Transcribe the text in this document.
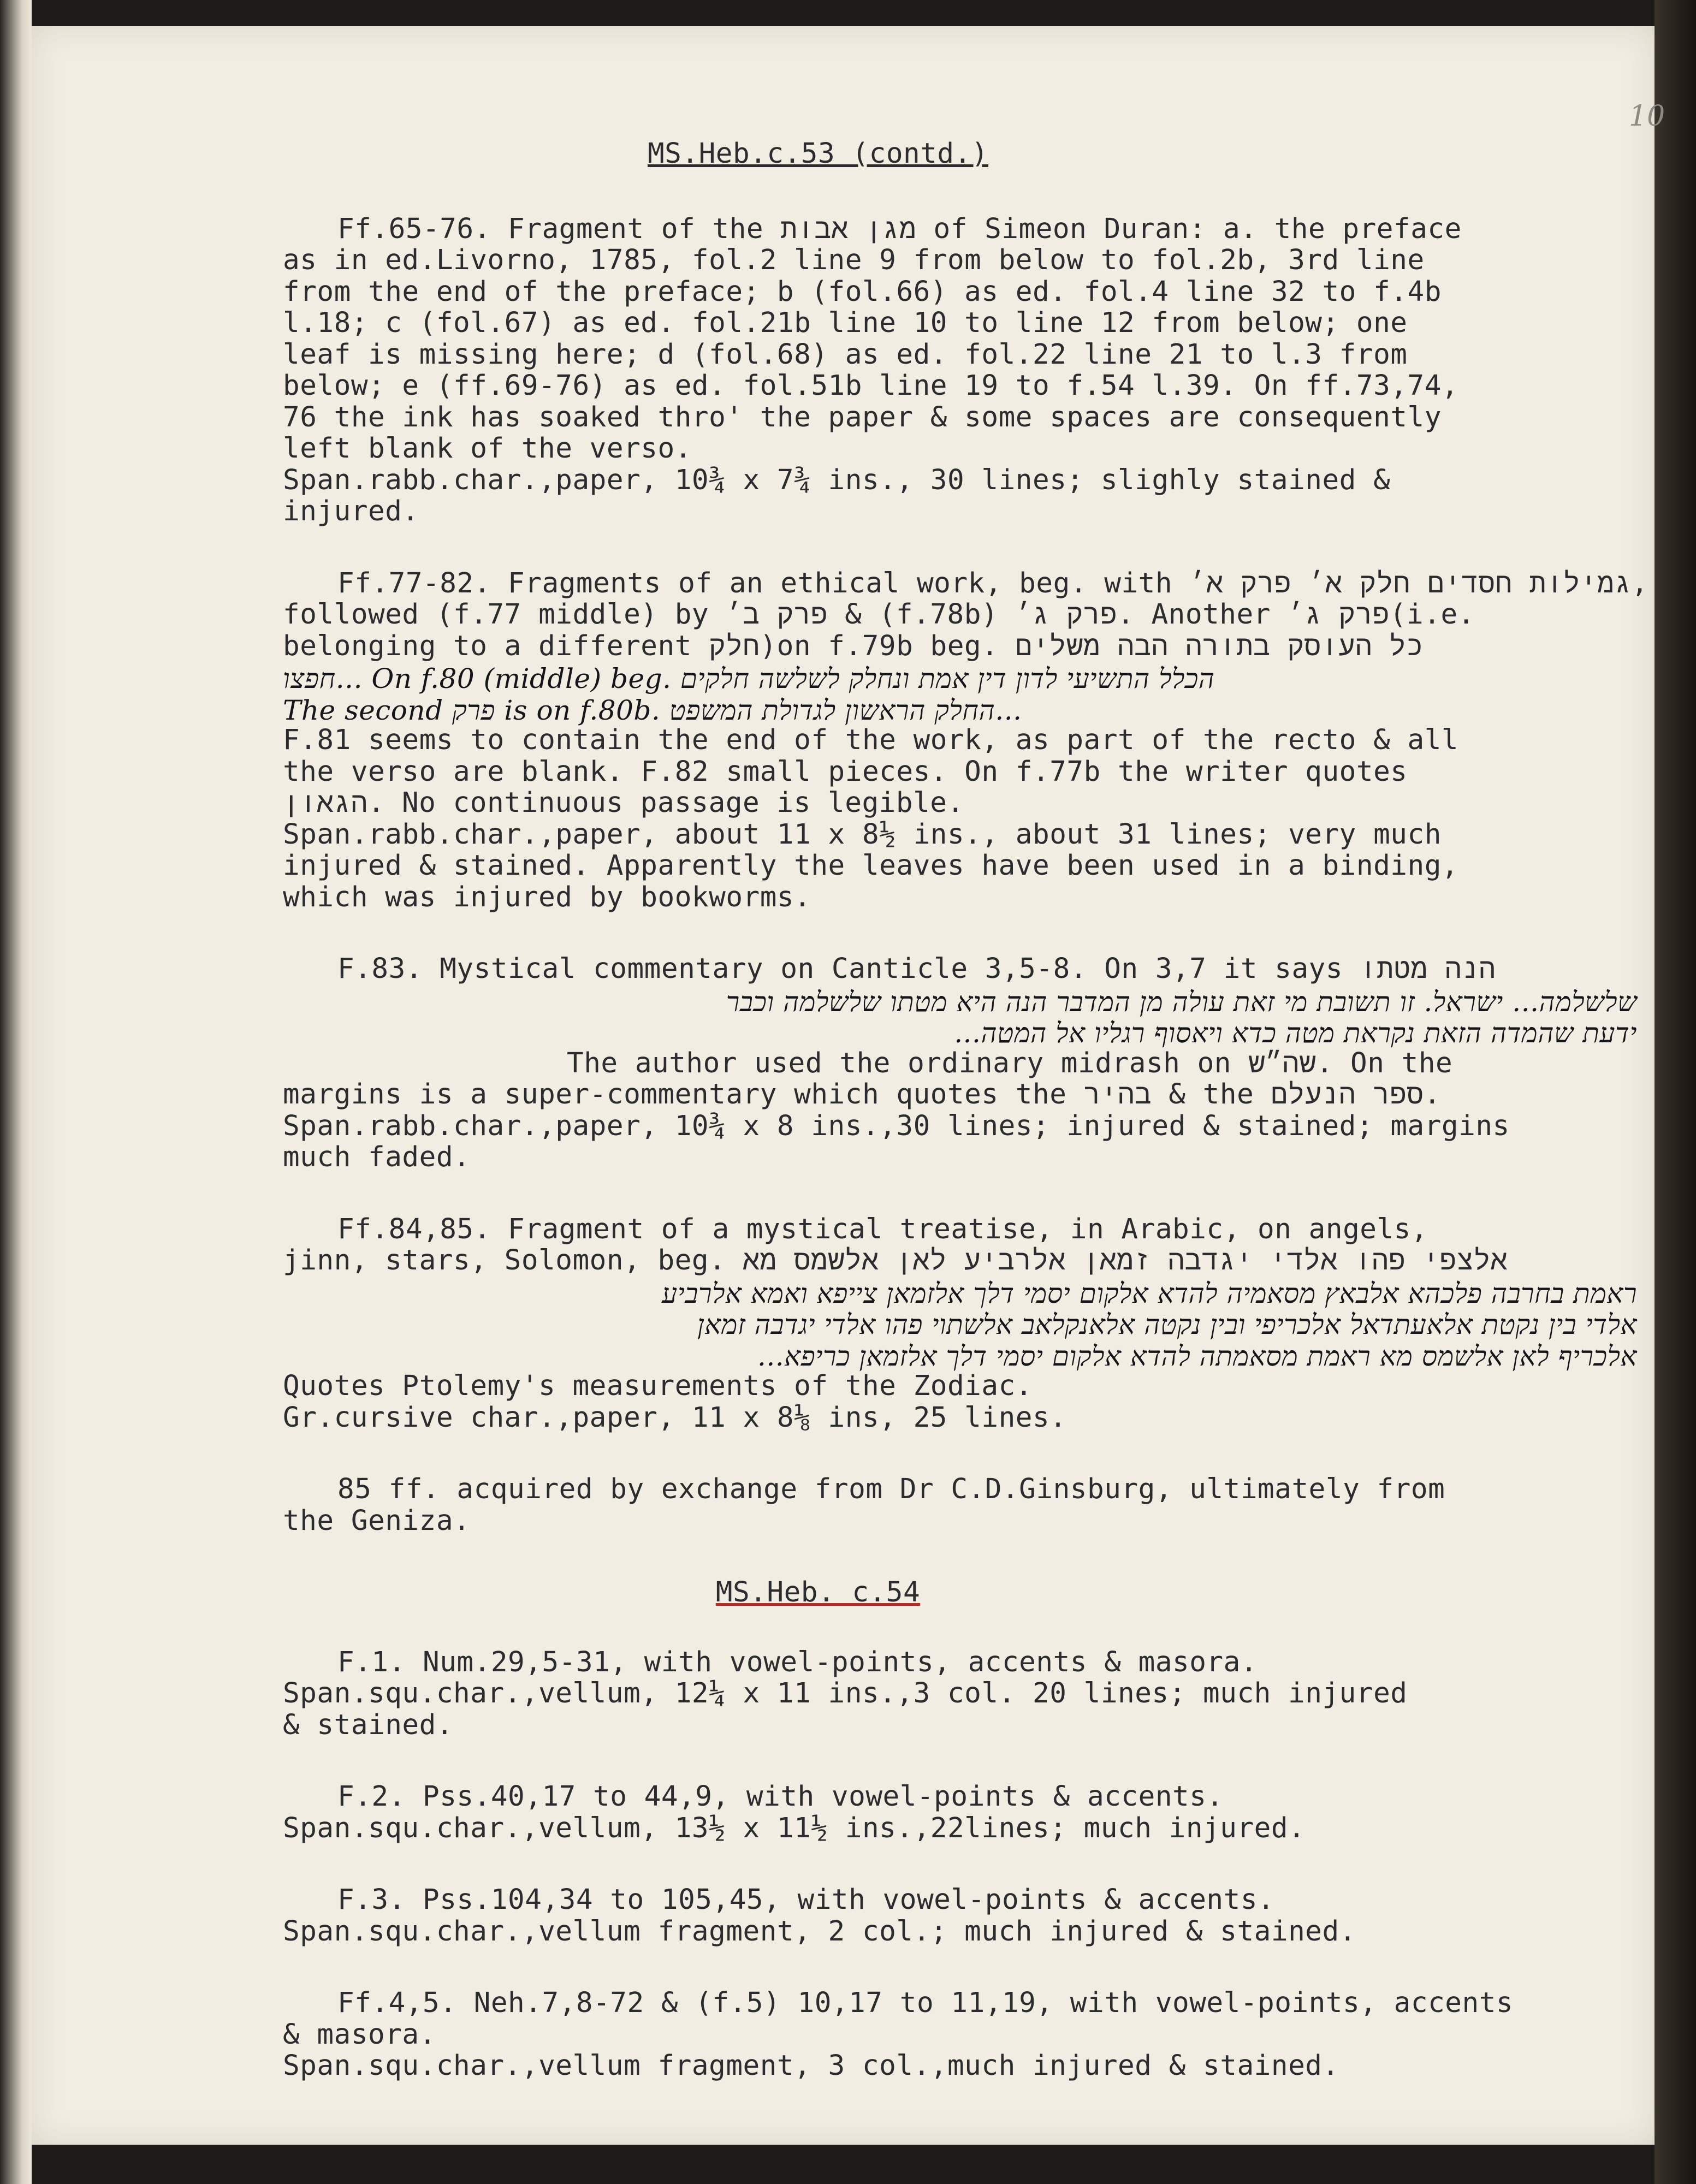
10
MS.Heb.c.53 (contd.)
Ff.65-76. Fragment of the מגן אבות of Simeon Duran: a. the preface
as in ed.Livorno, 1785, fol.2 line 9 from below to fol.2b, 3rd line
from the end of the preface; b (fol.66) as ed. fol.4 line 32 to f.4b
l.18; c (fol.67) as ed. fol.21b line 10 to line 12 from below; one
leaf is missing here; d (fol.68) as ed. fol.22 line 21 to l.3 from
below; e (ff.69-76) as ed. fol.51b line 19 to f.54 l.39. On ff.73,74,
76 the ink has soaked thro' the paper & some spaces are consequently
left blank of the verso.
Span.rabb.char.,paper, 10¾ x 7¾ ins., 30 lines; slighly stained &
injured.
Ff.77-82. Fragments of an ethical work, beg. with גמילות חסדים חלק א׳ פרק א׳,
followed (f.77 middle) by פרק ב׳ & (f.78b) פרק ג׳. Another פרק ג׳(i.e.
belonging to a different חלק)on f.79b beg. כל העוסק בתורה הבה משלים
חפצו... On f.80 (middle) beg. הכלל התשיעי לדון דין אמת ונחלק לשלשה חלקים
The second פרק is on f.80b. החלק הראשון לגדולת המשפט...
F.81 seems to contain the end of the work, as part of the recto & all
the verso are blank. F.82 small pieces. On f.77b the writer quotes
הגאון. No continuous passage is legible.
Span.rabb.char.,paper, about 11 x 8½ ins., about 31 lines; very much
injured & stained. Apparently the leaves have been used in a binding,
which was injured by bookworms.
F.83. Mystical commentary on Canticle 3,5-8. On 3,7 it says הנה מטתו
שלשלמה... ישראל. זו תשובת מי זאת עולה מן המדבר הנה היא מטתו שלשלמה וכבר
ידעת שהמדה הזאת נקראת מטה כדא ויאסוף רגליו אל המטה...
The author used the ordinary midrash on שה״ש. On the
margins is a super-commentary which quotes the בהיר & the ספר הנעלם.
Span.rabb.char.,paper, 10¾ x 8 ins.,30 lines; injured & stained; margins
much faded.
Ff.84,85. Fragment of a mystical treatise, in Arabic, on angels,
jinn, stars, Solomon, beg. אלצפי פהו אלדי יגדבה זמאן אלרביע לאן אלשמס מא
ראמת בחרבה פלכהא אלבאץ מסאמיה להדא אלקום יסמי דלך אלזמאן צייפא ואמא אלרביע
אלדי בין נקטת אלאעתדאל אלכריפי ובין נקטה אלאנקלאב אלשתוי פהו אלדי יגדבה זמאן
אלכריף לאן אלשמס מא ראמת מסאמתה להדא אלקום יסמי דלך אלזמאן כריפא...
Quotes Ptolemy's measurements of the Zodiac.
Gr.cursive char.,paper, 11 x 8⅛ ins, 25 lines.
85 ff. acquired by exchange from Dr C.D.Ginsburg, ultimately from
the Geniza.
MS.Heb. c.54
F.1. Num.29,5-31, with vowel-points, accents & masora.
Span.squ.char.,vellum, 12¼ x 11 ins.,3 col. 20 lines; much injured
& stained.
F.2. Pss.40,17 to 44,9, with vowel-points & accents.
Span.squ.char.,vellum, 13½ x 11½ ins.,22lines; much injured.
F.3. Pss.104,34 to 105,45, with vowel-points & accents.
Span.squ.char.,vellum fragment, 2 col.; much injured & stained.
Ff.4,5. Neh.7,8-72 & (f.5) 10,17 to 11,19, with vowel-points, accents
& masora.
Span.squ.char.,vellum fragment, 3 col.,much injured & stained.
